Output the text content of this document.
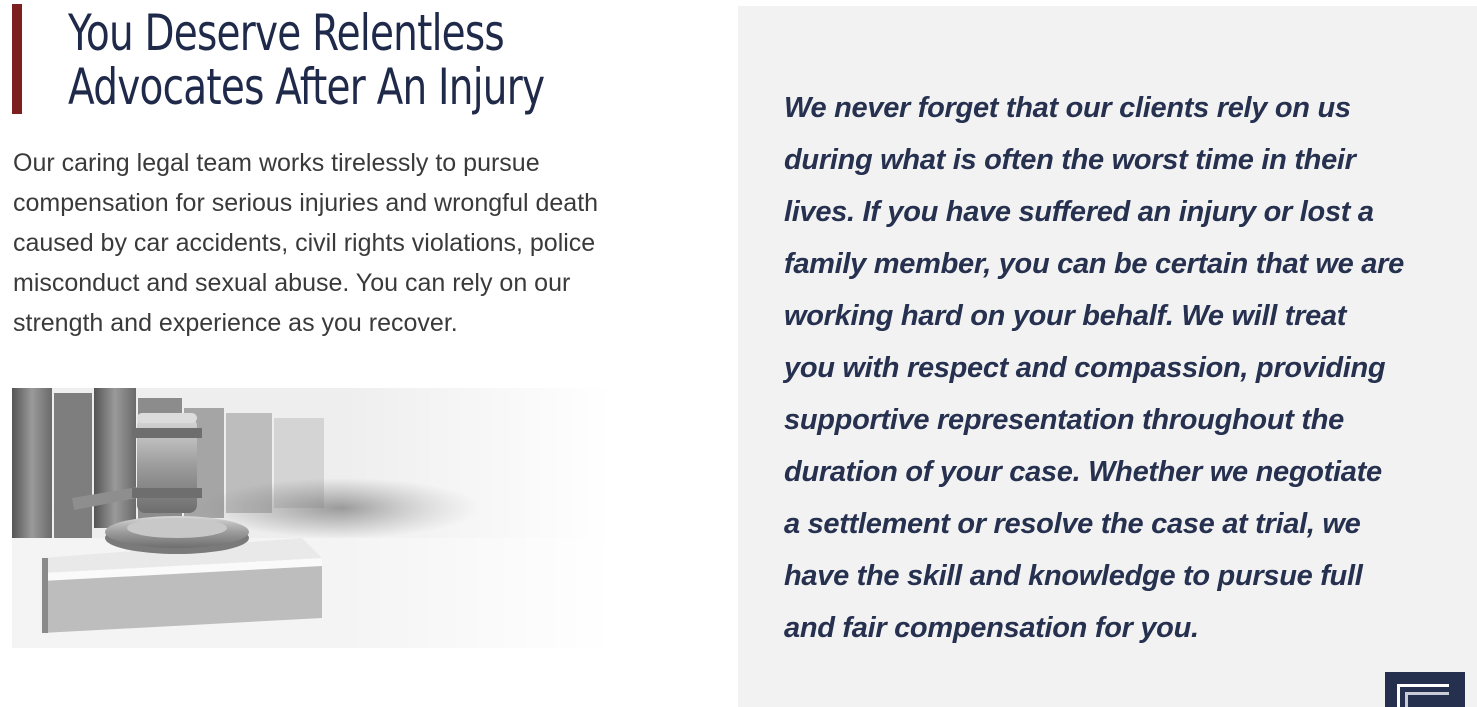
You Deserve Relentless
Advocates After An Injury

Our caring legal team works tirelessly to pursue compensation for serious injuries and wrongful death caused by car accidents, civil rights violations, police misconduct and sexual abuse. You can rely on our strength and experience as you recover.

We never forget that our clients rely on us during what is often the worst time in their lives. If you have suffered an injury or lost a family member, you can be certain that we are working hard on your behalf. We will treat you with respect and compassion, providing supportive representation throughout the duration of your case. Whether we negotiate a settlement or resolve the case at trial, we have the skill and knowledge to pursue full and fair compensation for you.
